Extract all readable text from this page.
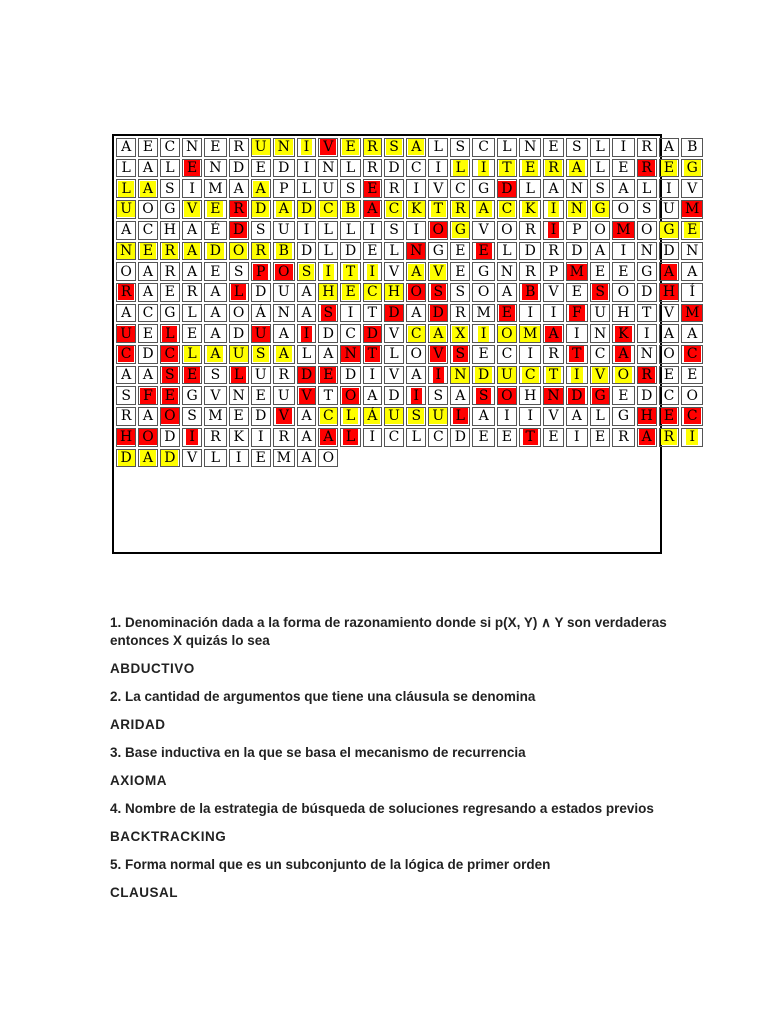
A E C N E R U N I V E R S A L S C L N E S L I R A B
L A L E N D E D I N L R D C I L I T E R A L E R E G
L A S I M A A P L U S E R I V C G D L A N S A L I V
U O G V E R D A D C B A C K T R A C K I N G O S U M
A C H A É D S U I L L I S I O G V O R I P O M O G E
N E R A D O R B D L D E L N G E E L D R D A I N D N
O A R A E S P O S I T I V A V E G N R P M E E G A A
R A E R A L D U A H E C H O S S O A B V E S O D H Í
A C G L A O Á N A S I T D A D R M E I I F U H T V M
U E L E A D U A I D C D V C A X I O M A I N K I A A
C D C L A U S A L A N T L O V S E C I R T C A N O C
A A S E S L U R D E D I V A I N D U C T I V O R E E
S F E G V N E U V T O A D I S A S O H N D G E D C O
R A O S M E D V A C L Á U S U L A I I V A L G H E C
H O D I R K I R A A L I C L C D E E T E I E R A R I
D A D V L I E M A O

1. Denominación dada a la forma de razonamiento donde si p(X, Y) ∧ Y son verdaderas entonces X quizás lo sea

ABDUCTIVO

2. La cantidad de argumentos que tiene una cláusula se denomina

ARIDAD

3. Base inductiva en la que se basa el mecanismo de recurrencia

AXIOMA

4. Nombre de la estrategia de búsqueda de soluciones regresando a estados previos

BACKTRACKING

5. Forma normal que es un subconjunto de la lógica de primer orden

CLAUSAL
